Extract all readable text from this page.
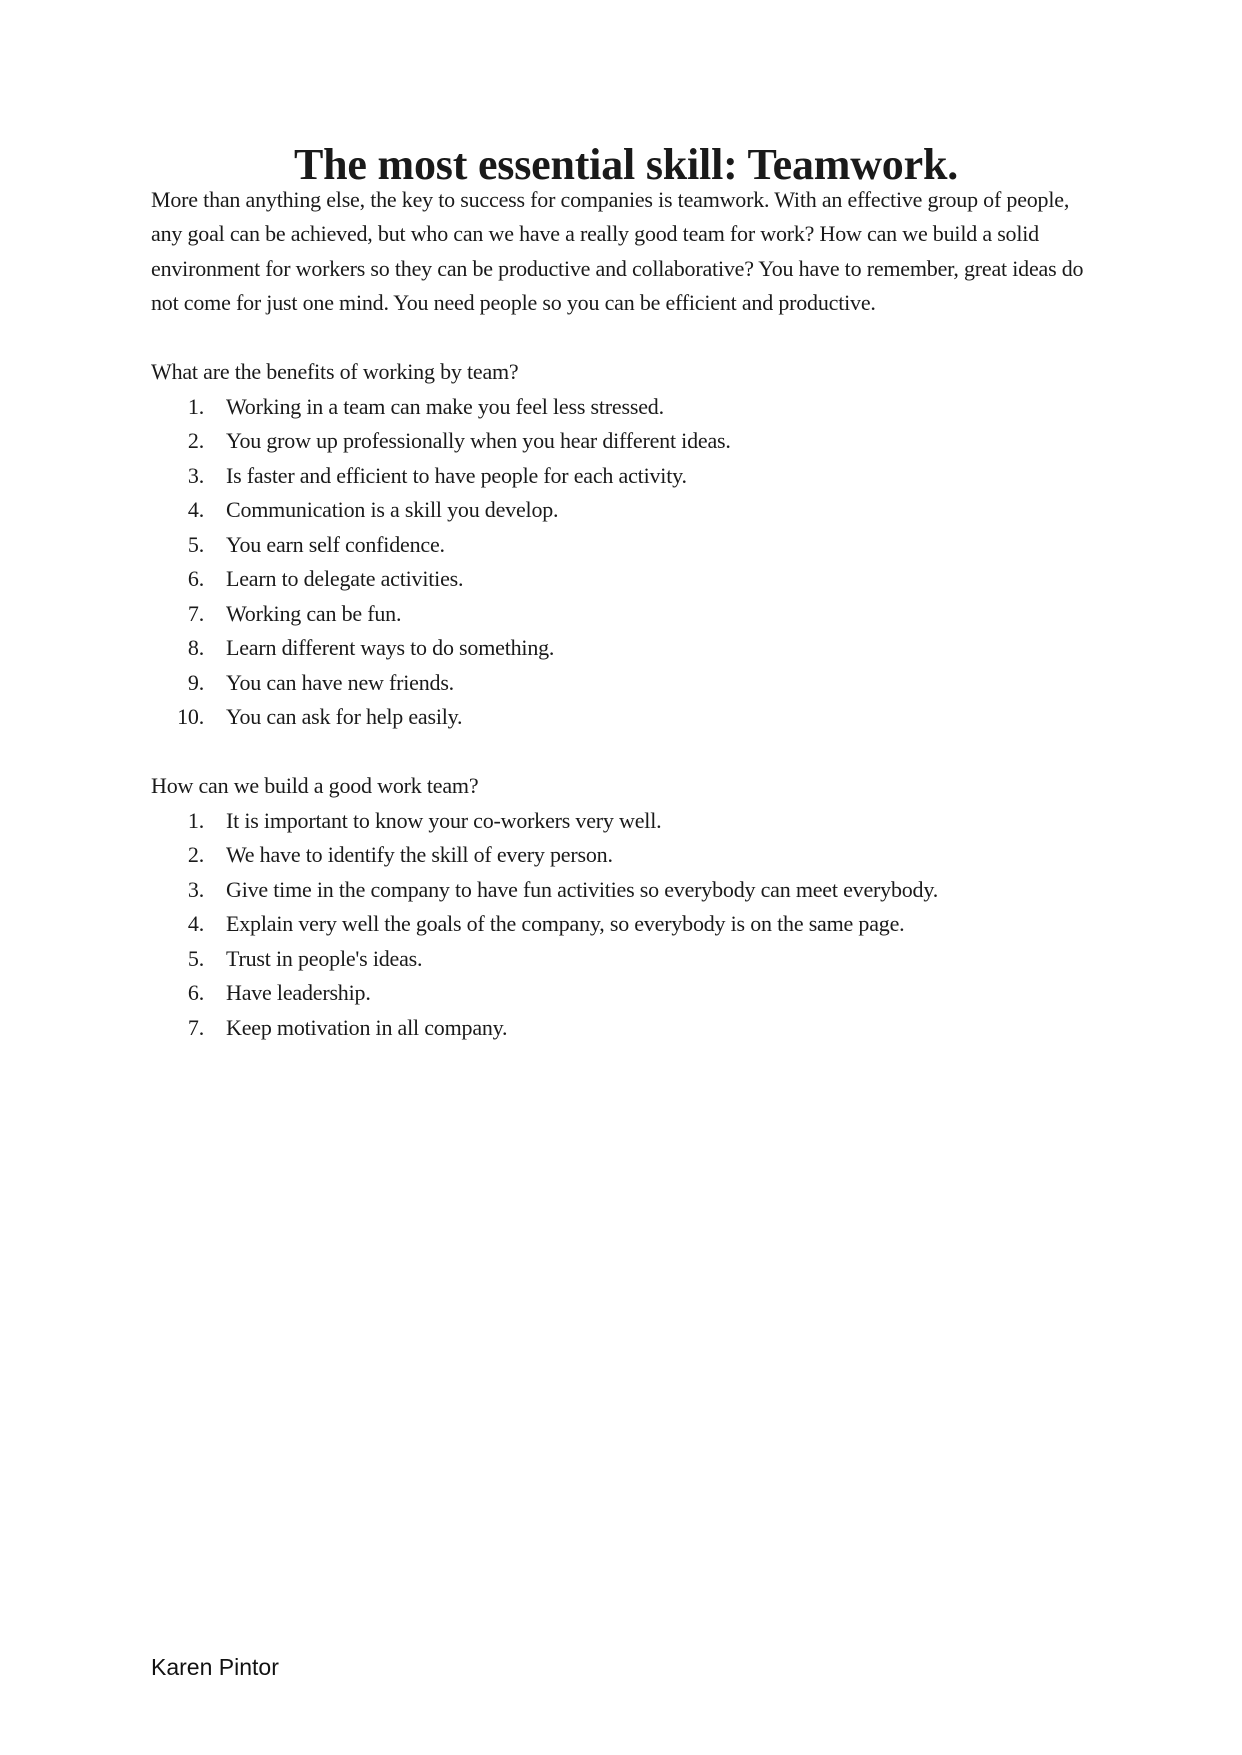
The most essential skill: Teamwork.
More than anything else, the key to success for companies is teamwork. With an effective group of people,
any goal can be achieved, but who can we have a really good team for work? How can we build a solid
environment for workers so they can be productive and collaborative? You have to remember, great ideas do
not come for just one mind. You need people so you can be efficient and productive.
What are the benefits of working by team?
1. Working in a team can make you feel less stressed.
2. You grow up professionally when you hear different ideas.
3. Is faster and efficient to have people for each activity.
4. Communication is a skill you develop.
5. You earn self confidence.
6. Learn to delegate activities.
7. Working can be fun.
8. Learn different ways to do something.
9. You can have new friends.
10. You can ask for help easily.
How can we build a good work team?
1. It is important to know your co-workers very well.
2. We have to identify the skill of every person.
3. Give time in the company to have fun activities so everybody can meet everybody.
4. Explain very well the goals of the company, so everybody is on the same page.
5. Trust in people's ideas.
6. Have leadership.
7. Keep motivation in all company.
Karen Pintor
